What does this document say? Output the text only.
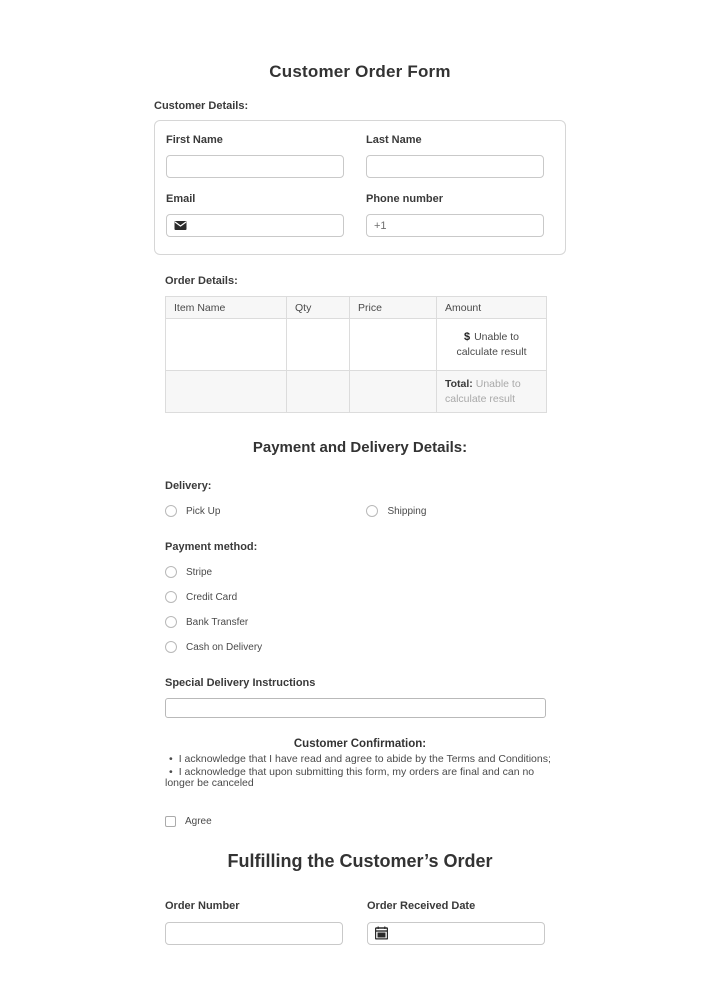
Customer Order Form
Customer Details:
First Name	Last Name
Email	Phone number
+1
Order Details:
Item Name	Qty	Price	Amount
			$ Unable to calculate result
			Total: Unable to calculate result
Payment and Delivery Details:
Delivery:
Pick Up	Shipping
Payment method:
Stripe
Credit Card
Bank Transfer
Cash on Delivery
Special Delivery Instructions
Customer Confirmation:
• I acknowledge that I have read and agree to abide by the Terms and Conditions;
• I acknowledge that upon submitting this form, my orders are final and can no longer be canceled
Agree
Fulfilling the Customer’s Order
Order Number	Order Received Date
